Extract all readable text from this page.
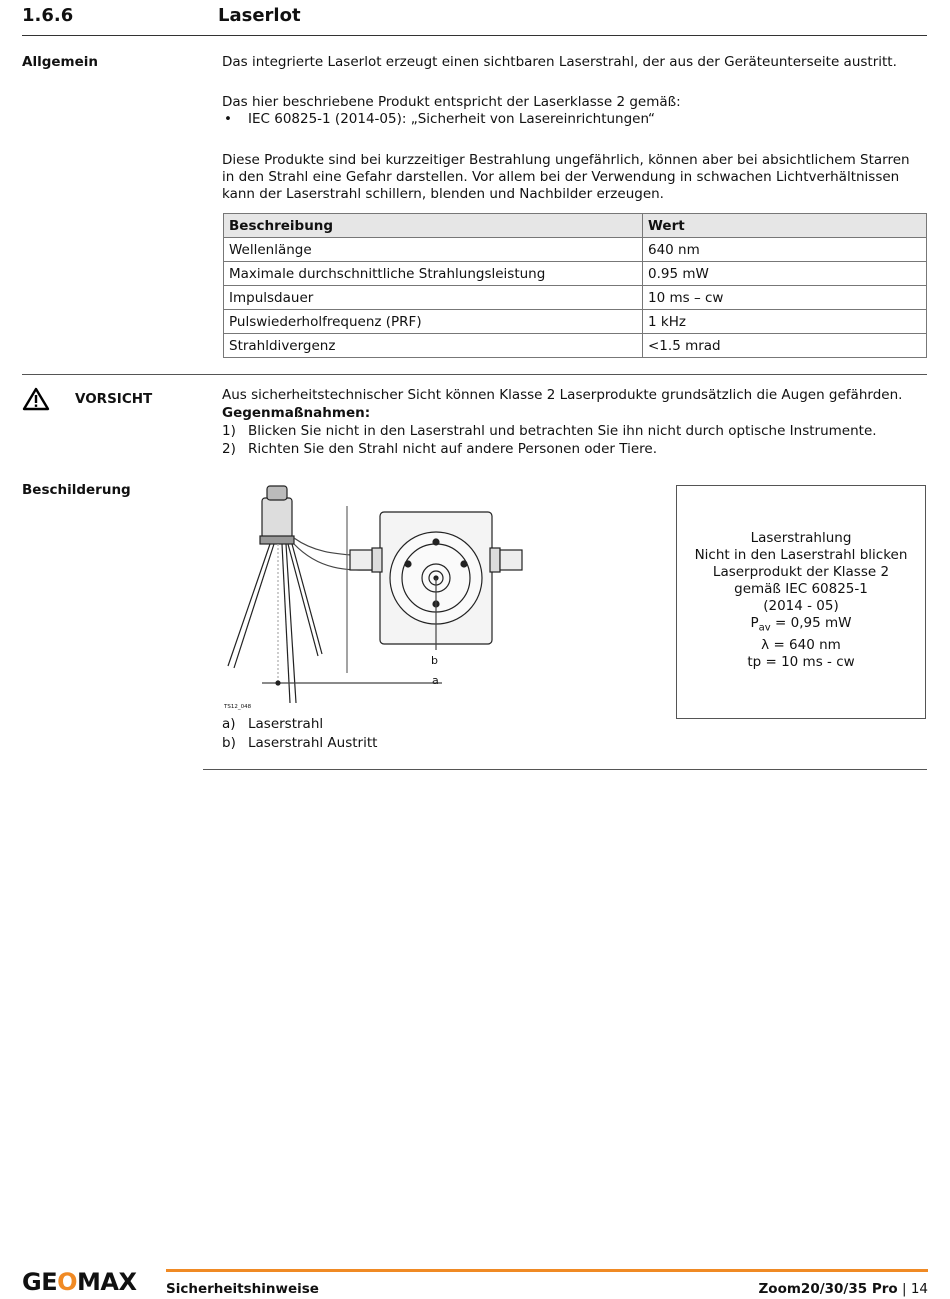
1.6.6	Laserlot
Allgemein	Das integrierte Laserlot erzeugt einen sichtbaren Laserstrahl, der aus der Geräteunterseite austritt.
Das hier beschriebene Produkt entspricht der Laserklasse 2 gemäß:
• IEC 60825-1 (2014-05): „Sicherheit von Lasereinrichtungen“
Diese Produkte sind bei kurzzeitiger Bestrahlung ungefährlich, können aber bei absichtlichem Starren in den Strahl eine Gefahr darstellen. Vor allem bei der Verwendung in schwachen Lichtverhältnissen kann der Laserstrahl schillern, blenden und Nachbilder erzeugen.
Beschreibung	Wert
Wellenlänge	640 nm
Maximale durchschnittliche Strahlungsleistung	0.95 mW
Impulsdauer	10 ms – cw
Pulswiederholfrequenz (PRF)	1 kHz
Strahldivergenz	<1.5 mrad
VORSICHT	Aus sicherheitstechnischer Sicht können Klasse 2 Laserprodukte grundsätzlich die Augen gefährden.
Gegenmaßnahmen:
1) Blicken Sie nicht in den Laserstrahl und betrachten Sie ihn nicht durch optische Instrumente.
2) Richten Sie den Strahl nicht auf andere Personen oder Tiere.
Beschilderung
b
a
TS12_048
a) Laserstrahl
b) Laserstrahl Austritt
Laserstrahlung
Nicht in den Laserstrahl blicken
Laserprodukt der Klasse 2
gemäß IEC 60825-1
(2014 - 05)
$P_{av} = 0,95$ mW
λ = 640 nm
tp = 10 ms - cw
GEOMAX Sicherheitshinweise	Zoom20/30/35 Pro | 14
